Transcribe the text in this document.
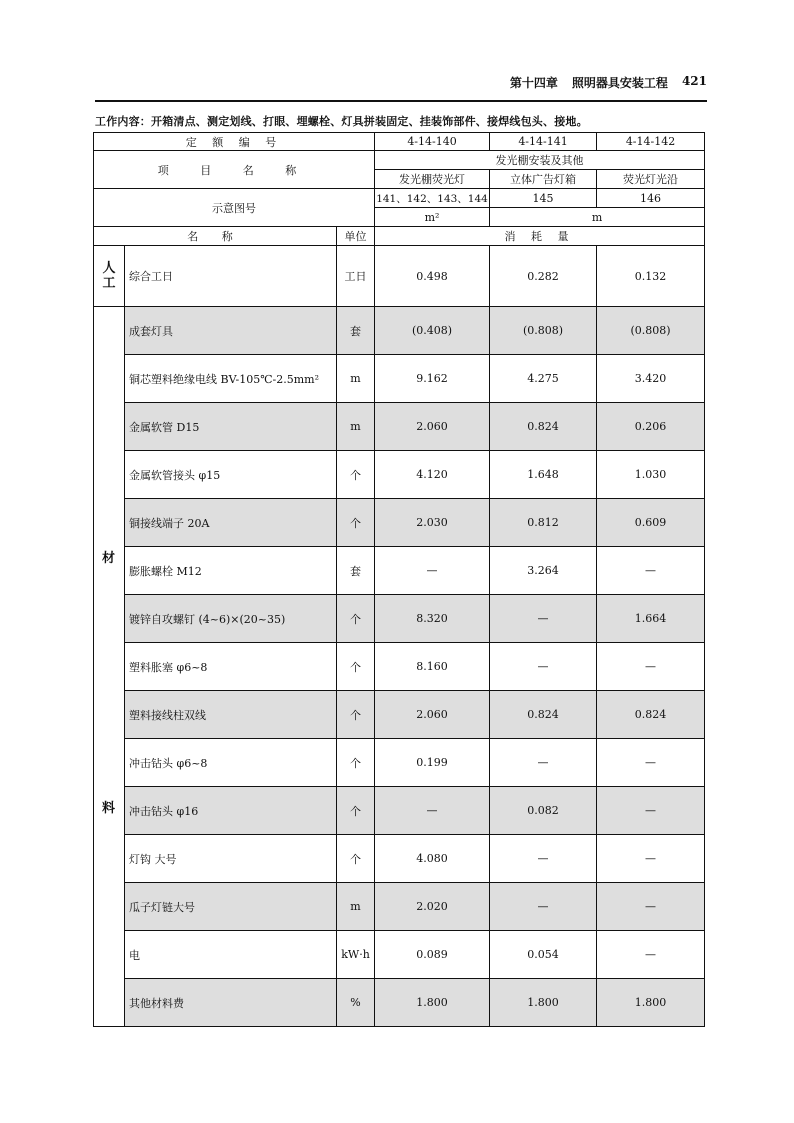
第十四章 照明器具安装工程 421
工作内容：开箱清点、测定划线、打眼、埋螺栓、灯具拼装固定、挂装饰部件、接焊线包头、接地。
定 额 编 号			4-14-140	4-14-141	4-14-142
项 目 名 称			发光棚安装及其他		
			发光棚荧光灯	立体广告灯箱	荧光灯光沿
示意图号			141、142、143、144	145	146
			m²	m	
名 称		单位	消 耗 量		

人
工	综合工日	工日	0.498	0.282	0.132

材
料	成套灯具	套	(0.408)	(0.808)	(0.808)
	铜芯塑料绝缘电线 BV-105℃-2.5mm²	m	9.162	4.275	3.420
	金属软管 D15	m	2.060	0.824	0.206
	金属软管接头 φ15	个	4.120	1.648	1.030
	铜接线端子 20A	个	2.030	0.812	0.609
	膨胀螺栓 M12	套	—	3.264	—
	镀锌自攻螺钉 (4~6)×(20~35)	个	8.320	—	1.664
	塑料胀塞 φ6~8	个	8.160	—	—
	塑料接线柱双线	个	2.060	0.824	0.824
	冲击钻头 φ6~8	个	0.199	—	—
	冲击钻头 φ16	个	—	0.082	—
	灯钩 大号	个	4.080	—	—
	瓜子灯链大号	m	2.020	—	—
	电	kW·h	0.089	0.054	—
	其他材料费	%	1.800	1.800	1.800
